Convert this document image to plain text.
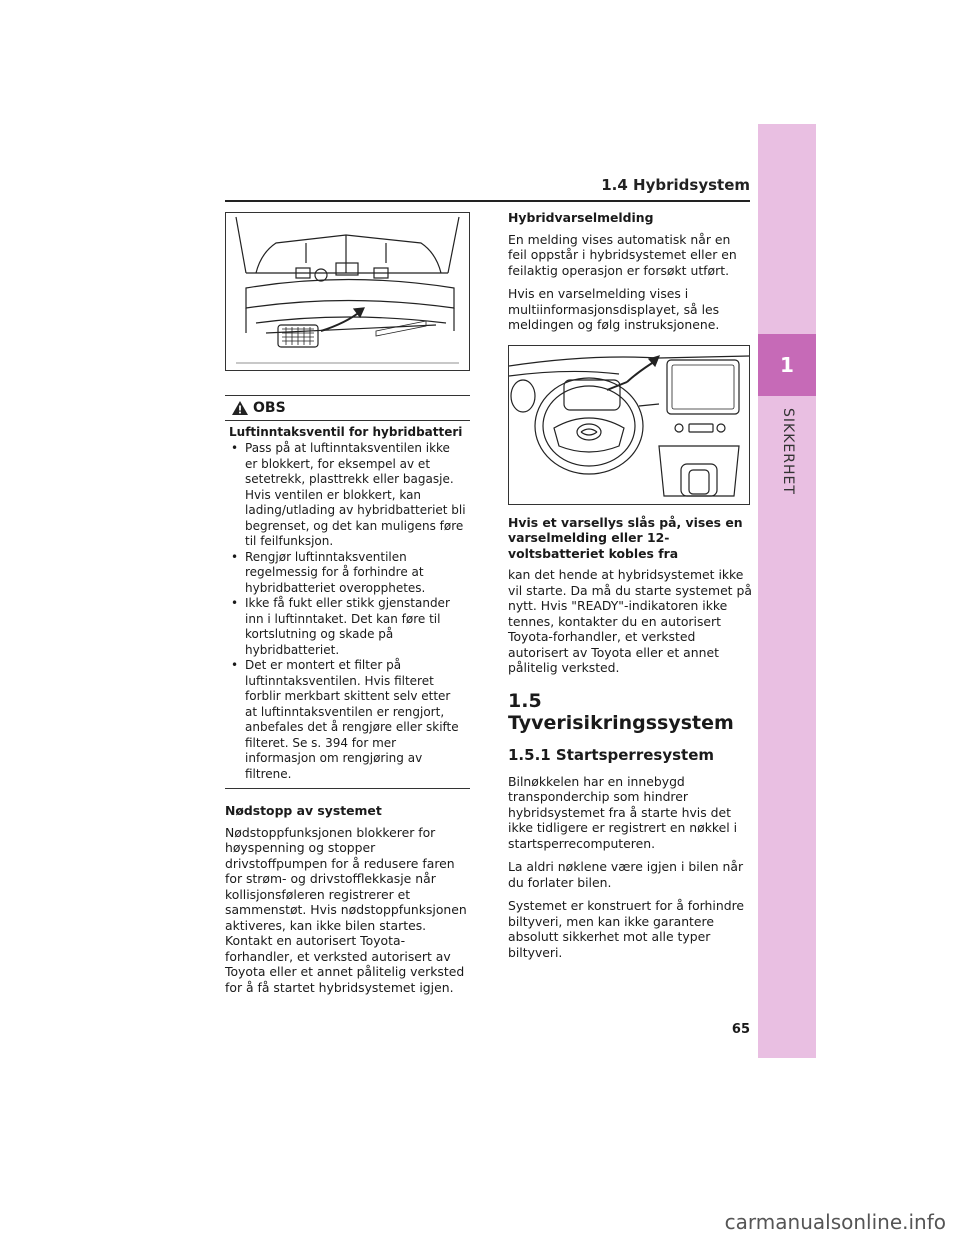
1
SIKKERHET
1.4 Hybridsystem
OBS
Luftinntaksventil for hybridbatteri
• Pass på at luftinntaksventilen ikke er blokkert, for eksempel av et setetrekk, plasttrekk eller bagasje. Hvis ventilen er blokkert, kan lading/utlading av hybridbatteriet bli begrenset, og det kan muligens føre til feilfunksjon.
• Rengjør luftinntaksventilen regelmessig for å forhindre at hybridbatteriet overopphetes.
• Ikke få fukt eller stikk gjenstander inn i luftinntaket. Det kan føre til kortslutning og skade på hybridbatteriet.
• Det er montert et filter på luftinntaksventilen. Hvis filteret forblir merkbart skittent selv etter at luftinntaksventilen er rengjort, anbefales det å rengjøre eller skifte filteret. Se s. 394 for mer informasjon om rengjøring av filtrene.
Nødstopp av systemet

Nødstoppfunksjonen blokkerer for høyspenning og stopper drivstoffpumpen for å redusere faren for strøm- og drivstofflekkasje når kollisjonsføleren registrerer et sammenstøt. Hvis nødstoppfunksjonen aktiveres, kan ikke bilen startes. Kontakt en autorisert Toyota-forhandler, et verksted autorisert av Toyota eller et annet pålitelig verksted for å få startet hybridsystemet igjen.

Hybridvarselmelding

En melding vises automatisk når en feil oppstår i hybridsystemet eller en feilaktig operasjon er forsøkt utført.

Hvis en varselmelding vises i multiinformasjonsdisplayet, så les meldingen og følg instruksjonene.

Hvis et varsellys slås på, vises en varselmelding eller 12-voltsbatteriet kobles fra

kan det hende at hybridsystemet ikke vil starte. Da må du starte systemet på nytt. Hvis "READY"-indikatoren ikke tennes, kontakter du en autorisert Toyota-forhandler, et verksted autorisert av Toyota eller et annet pålitelig verksted.

1.5 Tyverisikringssystem
1.5.1 Startsperresystem

Bilnøkkelen har en innebygd transponderchip som hindrer hybridsystemet fra å starte hvis det ikke tidligere er registrert en nøkkel i startsperrecomputeren.

La aldri nøklene være igjen i bilen når du forlater bilen.

Systemet er konstruert for å forhindre biltyveri, men kan ikke garantere absolutt sikkerhet mot alle typer biltyveri.

65
carmanualsonline.info
